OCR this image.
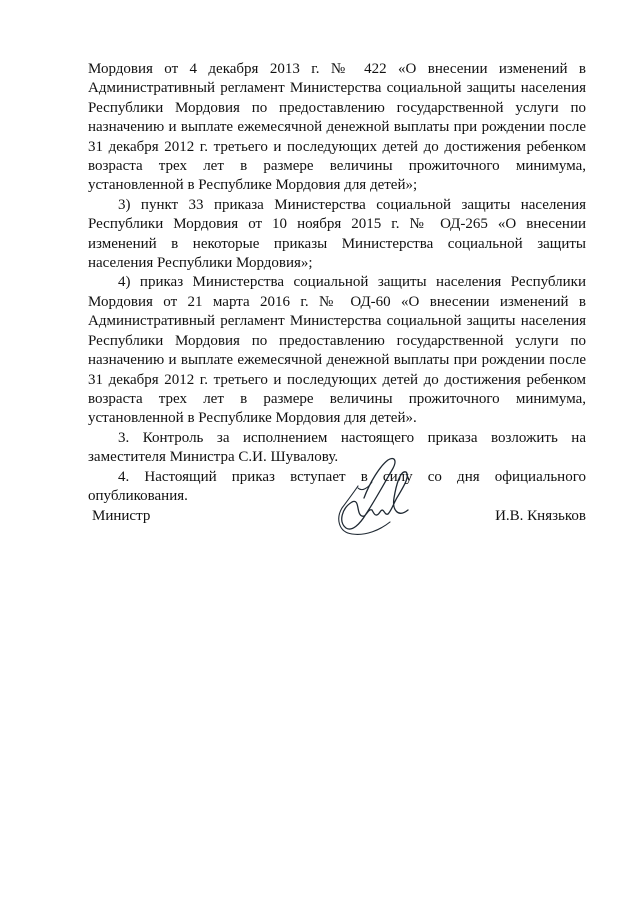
Мордовия от 4 декабря 2013 г. № 422 «О внесении изменений в Административный регламент Министерства социальной защиты населения Республики Мордовия по предоставлению государственной услуги по назначению и выплате ежемесячной денежной выплаты при рождении после 31 декабря 2012 г. третьего и последующих детей до достижения ребенком возраста трех лет в размере величины прожиточного минимума, установленной в Республике Мордовия для детей»;

3) пункт 33 приказа Министерства социальной защиты населения Республики Мордовия от 10 ноября 2015 г. № ОД-265 «О внесении изменений в некоторые приказы Министерства социальной защиты населения Республики Мордовия»;

4) приказ Министерства социальной защиты населения Республики Мордовия от 21 марта 2016 г. № ОД-60 «О внесении изменений в Административный регламент Министерства социальной защиты населения Республики Мордовия по предоставлению государственной услуги по назначению и выплате ежемесячной денежной выплаты при рождении после 31 декабря 2012 г. третьего и последующих детей до достижения ребенком возраста трех лет в размере величины прожиточного минимума, установленной в Республике Мордовия для детей».

3. Контроль за исполнением настоящего приказа возложить на заместителя Министра С.И. Шувалову.

4. Настоящий приказ вступает в силу со дня официального опубликования.

Министр	И.В. Князьков
